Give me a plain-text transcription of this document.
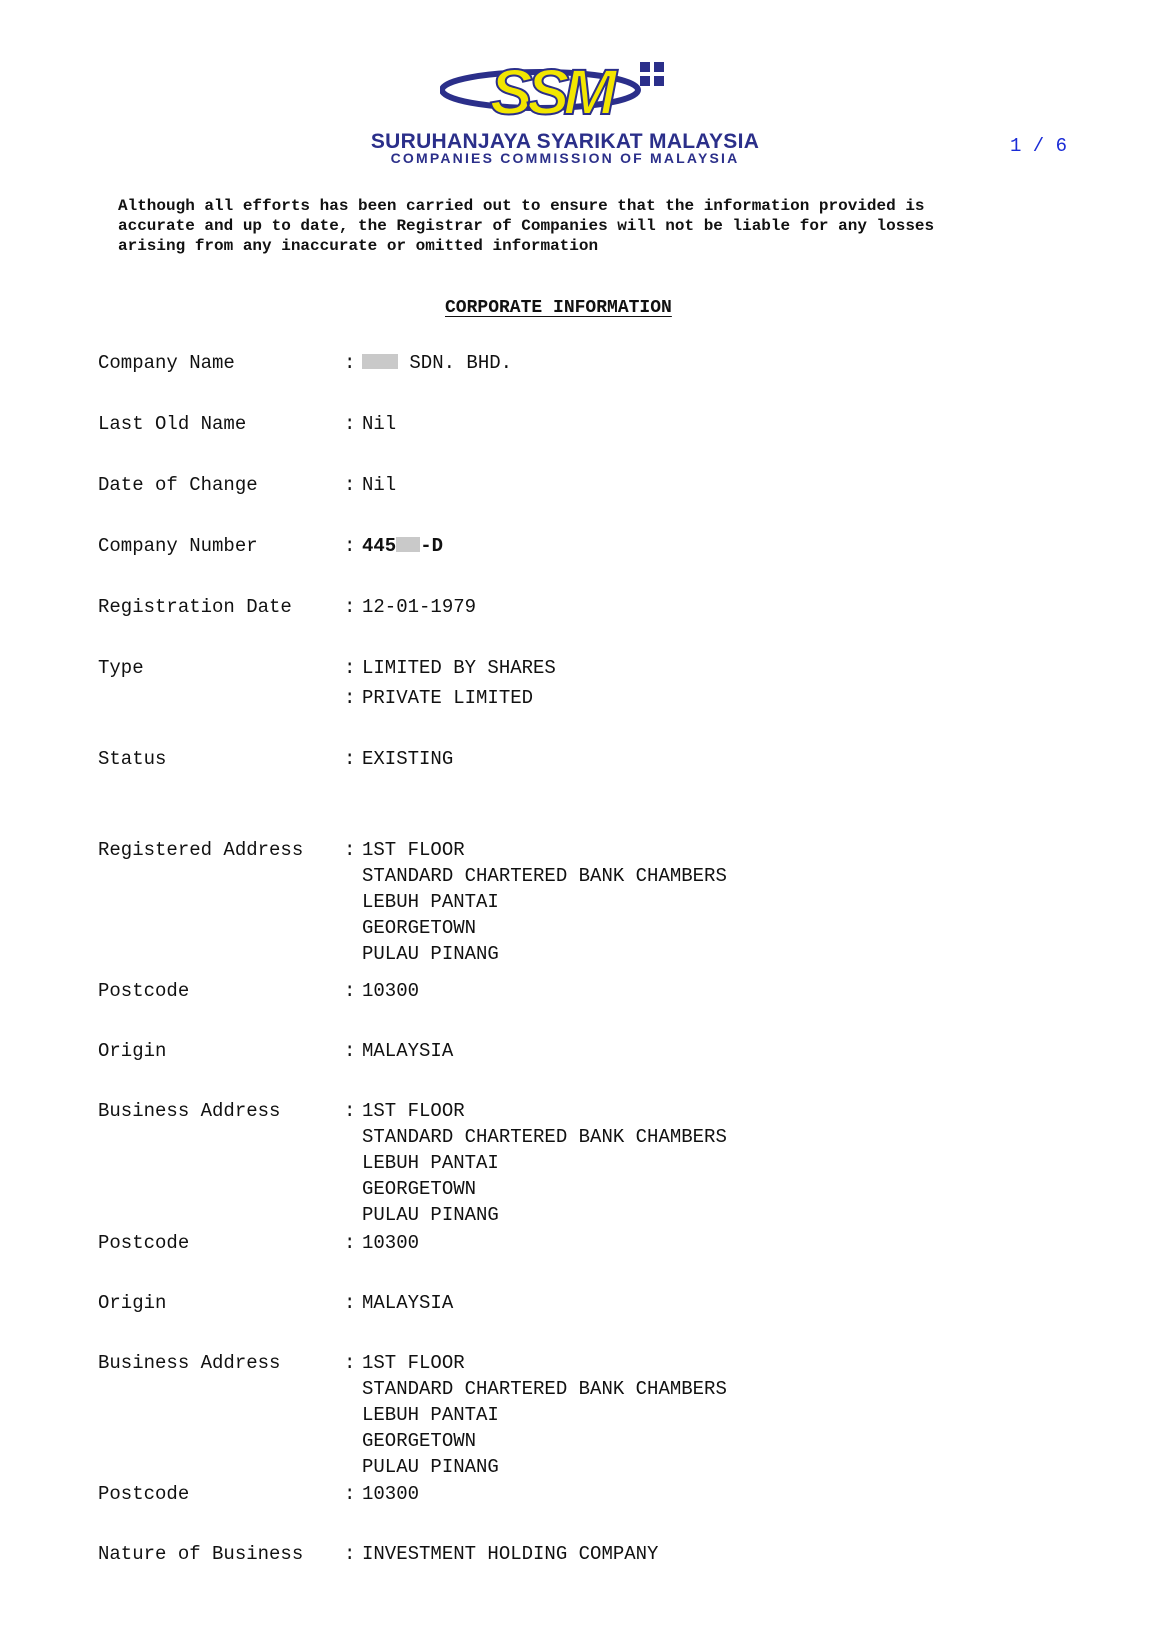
SSM
SURUHANJAYA SYARIKAT MALAYSIA
COMPANIES COMMISSION OF MALAYSIA
1 / 6
Although all efforts has been carried out to ensure that the information provided is
accurate and up to date, the Registrar of Companies will not be liable for any losses
arising from any inaccurate or omitted information
CORPORATE INFORMATION
Company Name	:	SDN. BHD.
Last Old Name	: Nil
Date of Change	: Nil
Company Number	: 445 -D
Registration Date	: 12-01-1979
Type	: LIMITED BY SHARES
: PRIVATE LIMITED
Status	: EXISTING
Registered Address : 1ST FLOOR
STANDARD CHARTERED BANK CHAMBERS
LEBUH PANTAI
GEORGETOWN
PULAU PINANG
Postcode	: 10300
Origin	: MALAYSIA
Business Address	: 1ST FLOOR
STANDARD CHARTERED BANK CHAMBERS
LEBUH PANTAI
GEORGETOWN
PULAU PINANG
Postcode	: 10300
Origin	: MALAYSIA
Business Address	: 1ST FLOOR
STANDARD CHARTERED BANK CHAMBERS
LEBUH PANTAI
GEORGETOWN
PULAU PINANG
Postcode	: 10300
Nature of Business : INVESTMENT HOLDING COMPANY
